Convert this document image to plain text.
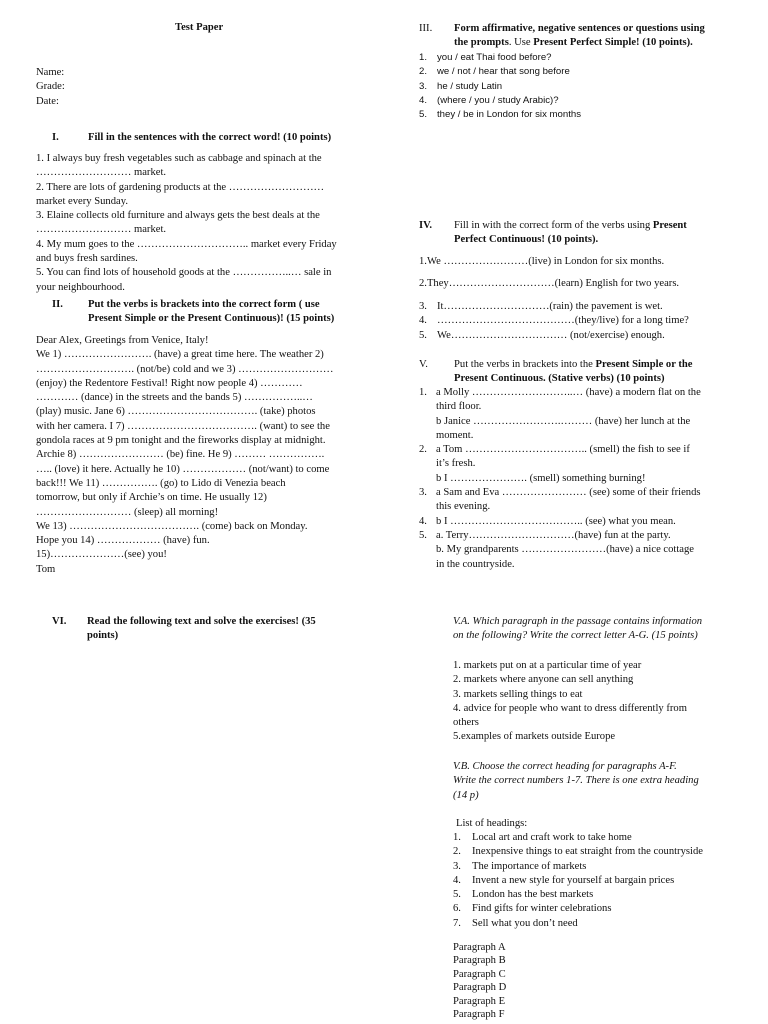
Test Paper
Name:
Grade:
Date:
I.	Fill in the sentences with the correct word! (10 points)
1. I always buy fresh vegetables such as cabbage and spinach at the
……………………… market.
2. There are lots of gardening products at the ………………………
market every Sunday.
3. Elaine collects old furniture and always gets the best deals at the
……………………… market.
4. My mum goes to the ………………………….. market every Friday
and buys fresh sardines.
5. You can find lots of household goods at the ……………..… sale in
your neighbourhood.
II.	Put the verbs is brackets into the correct form ( use
Present Simple or the Present Continuous)! (15 points)
Dear Alex, Greetings from Venice, Italy!
We 1) ……………………. (have) a great time here. The weather 2)
………………………. (not/be) cold and we 3) ………………………
(enjoy) the Redentore Festival! Right now people 4) …………
………… (dance) in the streets and the bands 5) ……………..…
(play) music. Jane 6) ………………………………. (take) photos
with her camera. I 7) ………………………………. (want) to see the
gondola races at 9 pm tonight and the fireworks display at midnight.
Archie 8) …………………… (be) fine. He 9) ……… …………….
….. (love) it here. Actually he 10) ……………… (not/want) to come
back!!! We 11) ……………. (go) to Lido di Venezia beach
tomorrow, but only if Archie’s on time. He usually 12)
……………………… (sleep) all morning!
We 13) ………………………………. (come) back on Monday.
Hope you 14) ……………… (have) fun.
15)…………………(see) you!
Tom
III.	Form affirmative, negative sentences or questions using
the prompts. Use Present Perfect Simple! (10 points).
1.	you / eat Thai food before?
2.	we / not / hear that song before
3.	he / study Latin
4.	(where / you / study Arabic)?
5.	they / be in London for six months
IV.	Fill in with the correct form of the verbs using Present
Perfect Continuous! (10 points).
1.We ……………………(live) in London for six months.
2.They…………………………(learn) English for two years.
3. It…………………………(rain) the pavement is wet.
4. …………………………………(they/live) for a long time?
5. We…………………………… (not/exercise) enough.
V.	Put the verbs in brackets into the Present Simple or the
Present Continuous. (Stative verbs) (10 points)
1. a Molly ………………………..… (have) a modern flat on the
third floor.
b Janice …………………….……… (have) her lunch at the
moment.
2. a Tom …………………………….. (smell) the fish to see if
it’s fresh.
b I …………………. (smell) something burning!
3. a Sam and Eva …………………… (see) some of their friends
this evening.
4. b I ……………………………….. (see) what you mean.
5. a. Terry…………………………(have) fun at the party.
b. My grandparents ……………………(have) a nice cottage
in the countryside.
VI.	Read the following text and solve the exercises! (35
points)
V.A. Which paragraph in the passage contains information
on the following? Write the correct letter A-G. (15 points)
1. markets put on at a particular time of year
2. markets where anyone can sell anything
3. markets selling things to eat
4. advice for people who want to dress differently from
others
5.examples of markets outside Europe
V.B. Choose the correct heading for paragraphs A-F.
Write the correct numbers 1-7. There is one extra heading
(14 p)
List of headings:
1.	Local art and craft work to take home
2.	Inexpensive things to eat straight from the countryside
3.	The importance of markets
4.	Invent a new style for yourself at bargain prices
5.	London has the best markets
6.	Find gifts for winter celebrations
7.	Sell what you don’t need
Paragraph A
Paragraph B
Paragraph C
Paragraph D
Paragraph E
Paragraph F
